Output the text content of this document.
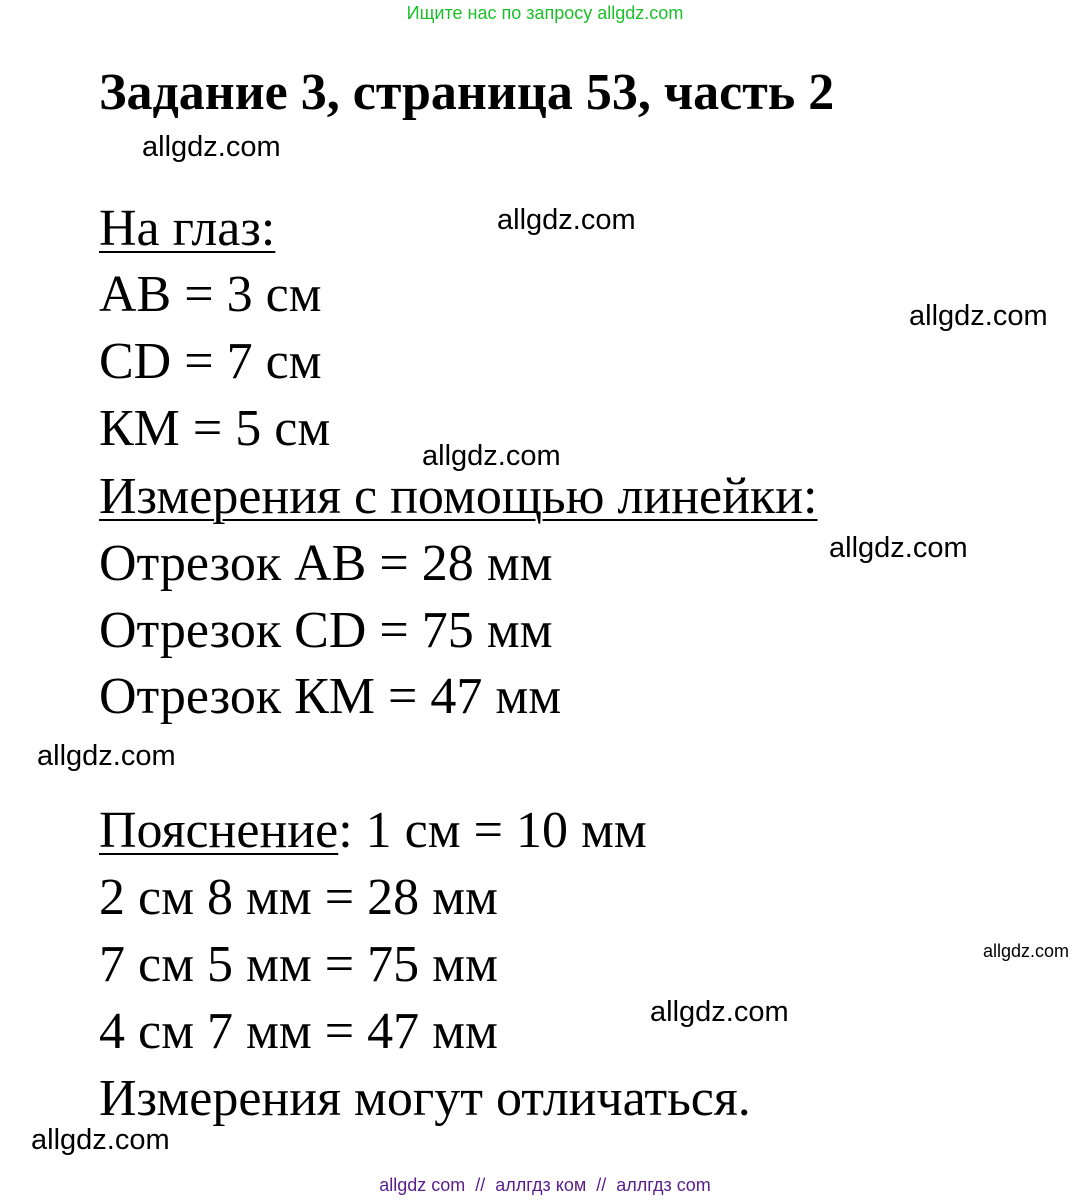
Ищите нас по запросу allgdz.com
Задание 3, страница 53, часть 2

На глаз:

АВ = 3 см

CD = 7 см

КМ = 5 см

Измерения с помощью линейки:

Отрезок АВ = 28 мм

Отрезок CD = 75 мм

Отрезок КМ = 47 мм

Пояснение: 1 см = 10 мм

2 см 8 мм = 28 мм

7 см 5 мм = 75 мм

4 см 7 мм = 47 мм

Измерения могут отличаться.

allgdz.com
allgdz.com
allgdz.com
allgdz.com
allgdz.com
allgdz.com
allgdz.com
allgdz.com
allgdz.com
allgdz com  //  аллгдз ком  //  аллгдз com
